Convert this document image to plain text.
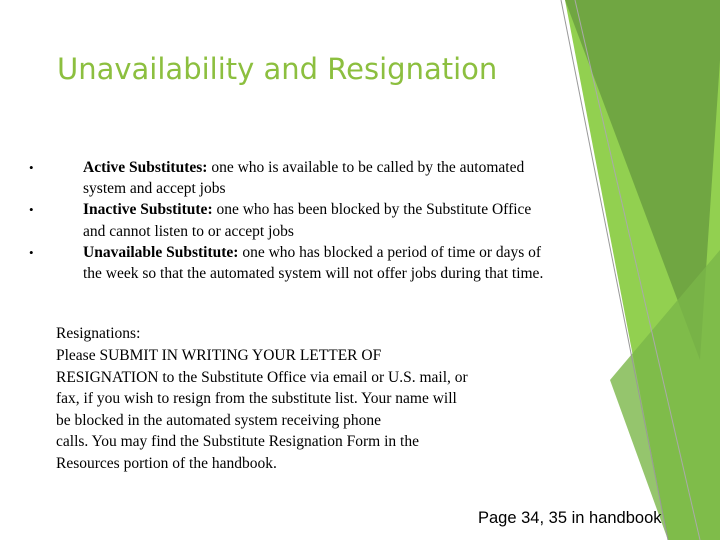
Unavailability and Resignation
•	Active Substitutes: one who is available to be called by the automated system and accept jobs
•	Inactive Substitute: one who has been blocked by the Substitute Office and cannot listen to or accept jobs
•	Unavailable Substitute: one who has blocked a period of time or days of the week so that the automated system will not offer jobs during that time.
Resignations:
Please SUBMIT IN WRITING YOUR LETTER OF
RESIGNATION to the Substitute Office via email or U.S. mail, or
fax, if you wish to resign from the substitute list. Your name will
be blocked in the automated system receiving phone
calls. You may find the Substitute Resignation Form in the
Resources portion of the handbook.
Page 34, 35 in handbook
